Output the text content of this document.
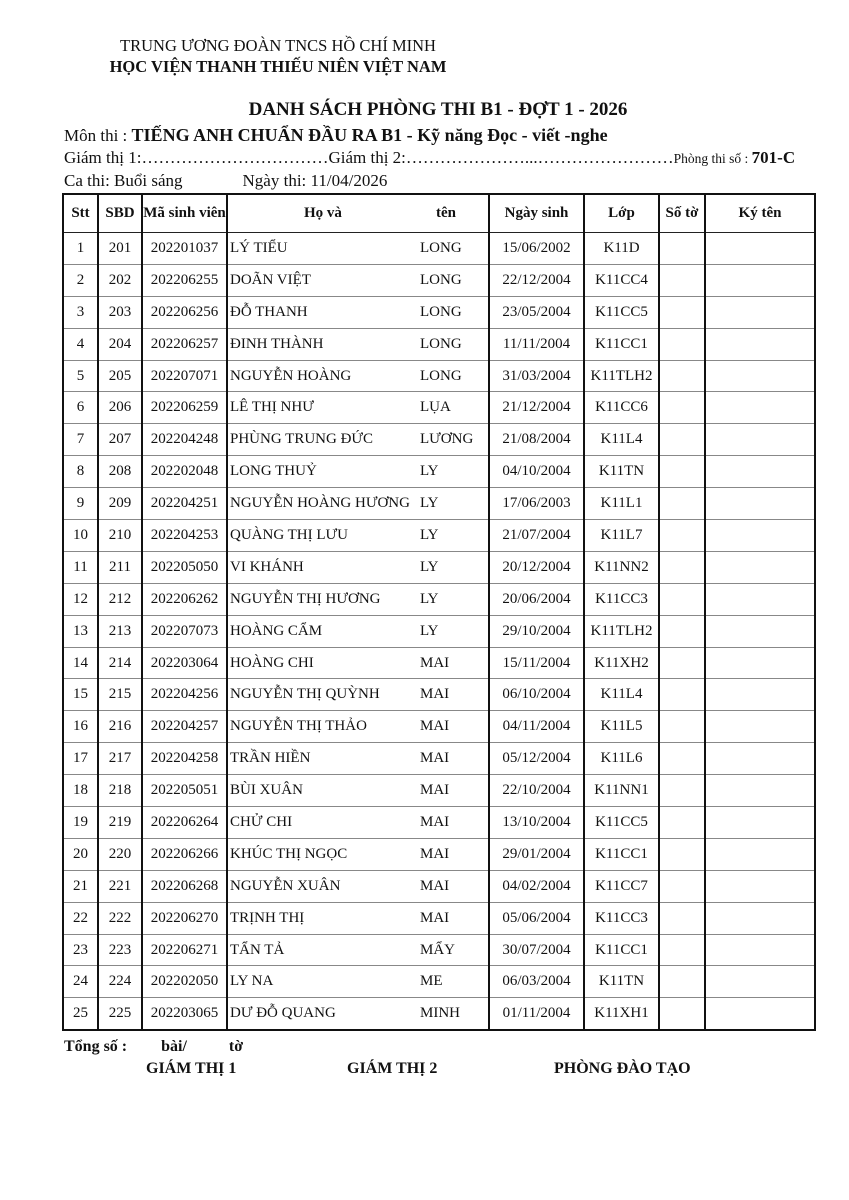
TRUNG ƯƠNG ĐOÀN TNCS HỒ CHÍ MINH
HỌC VIỆN THANH THIẾU NIÊN VIỆT NAM
DANH SÁCH PHÒNG THI B1 - ĐỢT 1 - 2026
Môn thi : TIẾNG ANH CHUẨN ĐẦU RA B1 - Kỹ năng Đọc - viết -nghe
Giám thị 1:……………………………Giám thị 2:…………………...……………………Phòng thi số : 701-C
Ca thi: Buổi sáng	Ngày thi: 11/04/2026
Stt	SBD	Mã sinh viên	Họ và tên	Ngày sinh	Lớp	Số tờ	Ký tên
1	201	202201037	LÝ TIỂU LONG	15/06/2002	K11D		
2	202	202206255	DOÃN VIỆT LONG	22/12/2004	K11CC4		
3	203	202206256	ĐỖ THANH LONG	23/05/2004	K11CC5		
4	204	202206257	ĐINH THÀNH LONG	11/11/2004	K11CC1		
5	205	202207071	NGUYỄN HOÀNG LONG	31/03/2004	K11TLH2		
6	206	202206259	LÊ THỊ NHƯ LỤA	21/12/2004	K11CC6		
7	207	202204248	PHÙNG TRUNG ĐỨC LƯƠNG	21/08/2004	K11L4		
8	208	202202048	LONG THUỶ LY	04/10/2004	K11TN		
9	209	202204251	NGUYỄN HOÀNG HƯƠNG LY	17/06/2003	K11L1		
10	210	202204253	QUÀNG THỊ LƯU LY	21/07/2004	K11L7		
11	211	202205050	VI KHÁNH LY	20/12/2004	K11NN2		
12	212	202206262	NGUYỄN THỊ HƯƠNG LY	20/06/2004	K11CC3		
13	213	202207073	HOÀNG CẨM LY	29/10/2004	K11TLH2		
14	214	202203064	HOÀNG CHI MAI	15/11/2004	K11XH2		
15	215	202204256	NGUYỄN THỊ QUỲNH MAI	06/10/2004	K11L4		
16	216	202204257	NGUYỄN THỊ THẢO MAI	04/11/2004	K11L5		
17	217	202204258	TRẦN HIỀN MAI	05/12/2004	K11L6		
18	218	202205051	BÙI XUÂN MAI	22/10/2004	K11NN1		
19	219	202206264	CHỬ CHI MAI	13/10/2004	K11CC5		
20	220	202206266	KHÚC THỊ NGỌC MAI	29/01/2004	K11CC1		
21	221	202206268	NGUYỄN XUÂN MAI	04/02/2004	K11CC7		
22	222	202206270	TRỊNH THỊ MAI	05/06/2004	K11CC3		
23	223	202206271	TẨN TẢ MẨY	30/07/2004	K11CC1		
24	224	202202050	LY NA ME	06/03/2004	K11TN		
25	225	202203065	DƯ ĐỖ QUANG MINH	01/11/2004	K11XH1		
Tổng số : bài/	tờ
GIÁM THỊ 1	GIÁM THỊ 2	PHÒNG ĐÀO TẠO
